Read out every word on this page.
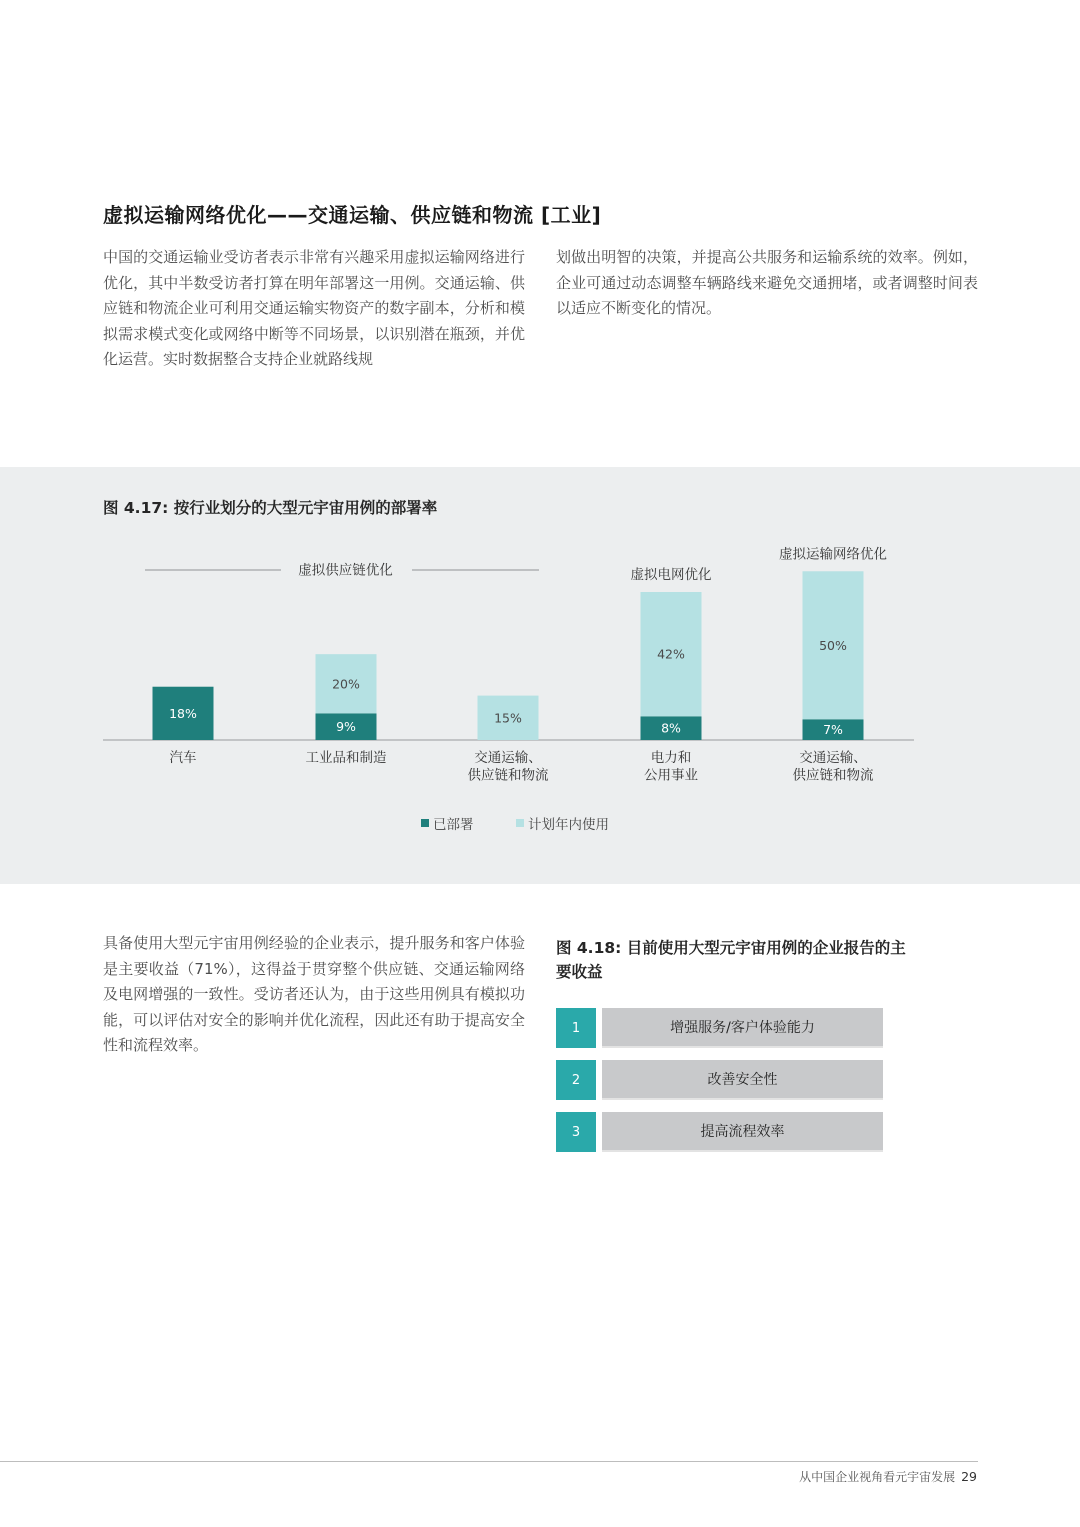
虚拟运输网络优化——交通运输、供应链和物流 [工业]

中国的交通运输业受访者表示非常有兴趣采用虚拟运输网络进行优化，其中半数受访者打算在明年部署这一用例。交通运输、供应链和物流企业可利用交通运输实物资产的数字副本，分析和模拟需求模式变化或网络中断等不同场景，以识别潜在瓶颈，并优化运营。实时数据整合支持企业就路线规

划做出明智的决策，并提高公共服务和运输系统的效率。例如，企业可通过动态调整车辆路线来避免交通拥堵，或者调整时间表以适应不断变化的情况。

图 4.17: 按行业划分的大型元宇宙用例的部署率

18%
汽车
9%
20%
工业品和制造
15%
交通运输、
供应链和物流
8%
42%
电力和
公用事业
7%
50%
交通运输、
供应链和物流
虚拟供应链优化	虚拟电网优化
虚拟运输网络优化
已部署	计划年内使用

具备使用大型元宇宙用例经验的企业表示，提升服务和客户体验是主要收益（71%），这得益于贯穿整个供应链、交通运输网络及电网增强的一致性。受访者还认为，由于这些用例具有模拟功能，可以评估对安全的影响并优化流程，因此还有助于提高安全性和流程效率。

图 4.18: 目前使用大型元宇宙用例的企业报告的主要收益

1	增强服务/客户体验能力
2	改善安全性
3	提高流程效率
从中国企业视角看元宇宙发展 29
